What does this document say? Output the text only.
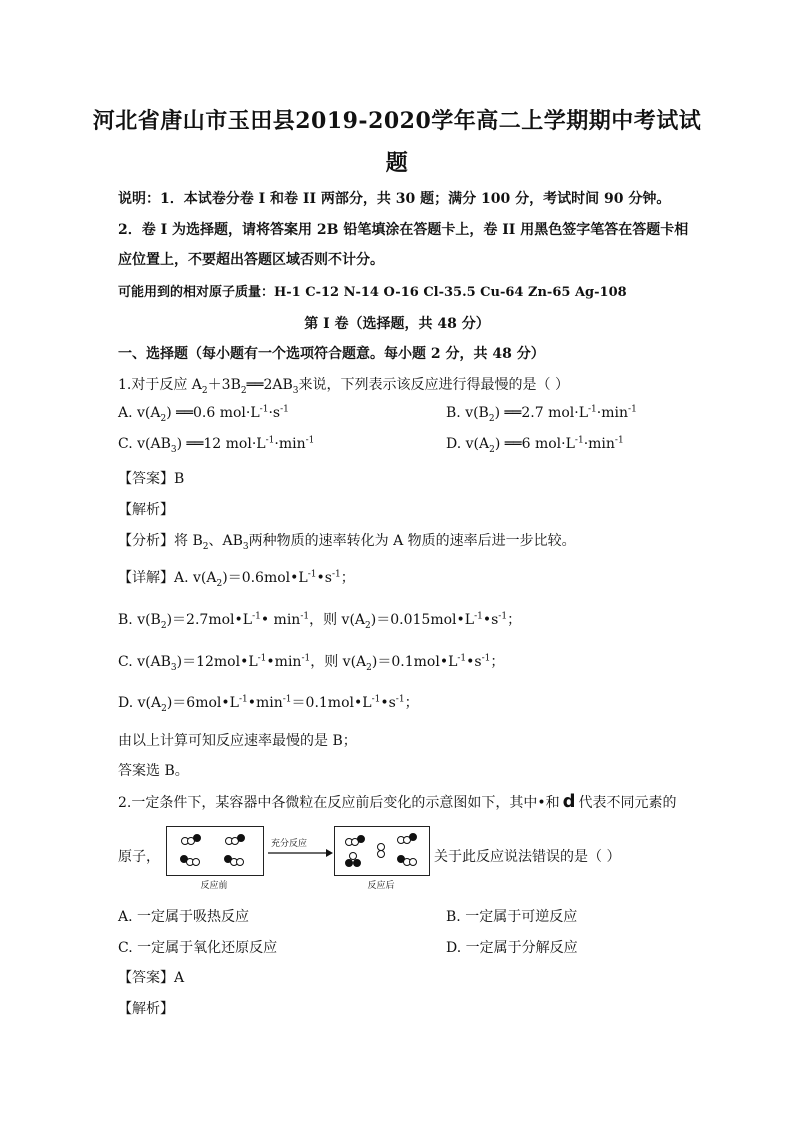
河北省唐山市玉田县2019-2020学年高二上学期期中考试试
题
说明：1．本试卷分卷 I 和卷 II 两部分，共 30 题；满分 100 分，考试时间 90 分钟。
2．卷 I 为选择题，请将答案用 2B 铅笔填涂在答题卡上，卷 II 用黑色签字笔答在答题卡相
应位置上，不要超出答题区域否则不计分。
可能用到的相对原子质量：H-1 C-12 N-14 O-16 Cl-35.5 Cu-64 Zn-65 Ag-108
第 I 卷（选择题，共 48 分）
一、选择题（每小题有一个选项符合题意。每小题 2 分，共 48 分）
1.对于反应 $A_2+3B_2══2AB_3$来说，下列表示该反应进行得最慢的是（ ）
A. $v(A_2)$ ══0.6 $mol\cdot L^{-1}\cdot s^{-1}$	B. $v(B_2)$ ══2.7 $mol\cdot L^{-1}\cdot\min^{-1}$
C. $v(AB_3)$ ══12 $mol\cdot L^{-1}\cdot\min^{-1}$	D. $v(A_2)$ ══6 $mol\cdot L^{-1}\cdot\min^{-1}$
【答案】B
【解析】
【分析】将 $B_2$、$AB_3$两种物质的速率转化为 A 物质的速率后进一步比较。
【详解】A. $v(A_2)=0.6mol•L^{-1}•s^{-1}$；
B. $v(B_2)=2.7mol•L^{-1}•$ $\min^{-1}$，则 $v(A_2)=0.015mol•L^{-1}•s^{-1}$；
C. $v(AB_3)=12mol•L^{-1}•\min^{-1}$，则 $v(A_2)=0.1mol•L^{-1}•s^{-1}$；
D. $v(A_2)=6mol•L^{-1}•\min^{-1}=0.1mol•L^{-1}•s^{-1}$；
由以上计算可知反应速率最慢的是 B；
答案选 B。
2.一定条件下，某容器中各微粒在反应前后变化的示意图如下，其中•和 d 代表不同元素的
原子，
反应前
充分反应
反应后
关于此反应说法错误的是（ ）
A. 一定属于吸热反应	B. 一定属于可逆反应
C. 一定属于氧化还原反应	D. 一定属于分解反应
【答案】A
【解析】
